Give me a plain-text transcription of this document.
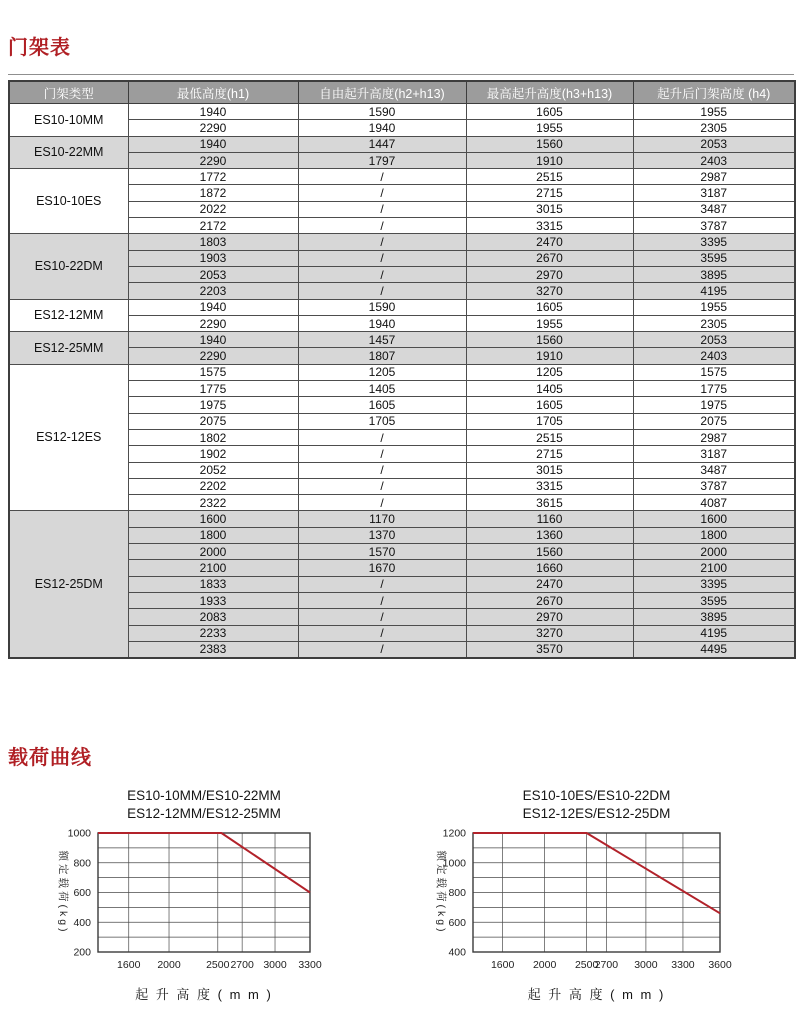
门架表
门架类型	最低高度(h1)	自由起升高度(h2+h13)	最高起升高度(h3+h13)	起升后门架高度 (h4)
ES10-10MM	1940	1590	1605	1955
	2290	1940	1955	2305
ES10-22MM	1940	1447	1560	2053
	2290	1797	1910	2403
ES10-10ES	1772	/	2515	2987
	1872	/	2715	3187
	2022	/	3015	3487
	2172	/	3315	3787
ES10-22DM	1803	/	2470	3395
	1903	/	2670	3595
	2053	/	2970	3895
	2203	/	3270	4195
ES12-12MM	1940	1590	1605	1955
	2290	1940	1955	2305
ES12-25MM	1940	1457	1560	2053
	2290	1807	1910	2403
ES12-12ES	1575	1205	1205	1575
	1775	1405	1405	1775
	1975	1605	1605	1975
	2075	1705	1705	2075
	1802	/	2515	2987
	1902	/	2715	3187
	2052	/	3015	3487
	2202	/	3315	3787
	2322	/	3615	4087
ES12-25DM	1600	1170	1160	1600
	1800	1370	1360	1800
	2000	1570	1560	2000
	2100	1670	1660	2100
	1833	/	2470	3395
	1933	/	2670	3595
	2083	/	2970	3895
	2233	/	3270	4195
	2383	/	3570	4495
载荷曲线
ES10-10MM/ES10-22MM
ES12-12MM/ES12-25MM
1000
800
600
400
200
1600 2000 2500 2700 3000 3300
额定载荷(kg)
起 升 高 度 ( m m )
ES10-10ES/ES10-22DM
ES12-12ES/ES12-25DM
1200
1000
800
600
400
1600 2000 2500
2700 3000 3300 3600
额定载荷(kg)
起 升 高 度 ( m m )
